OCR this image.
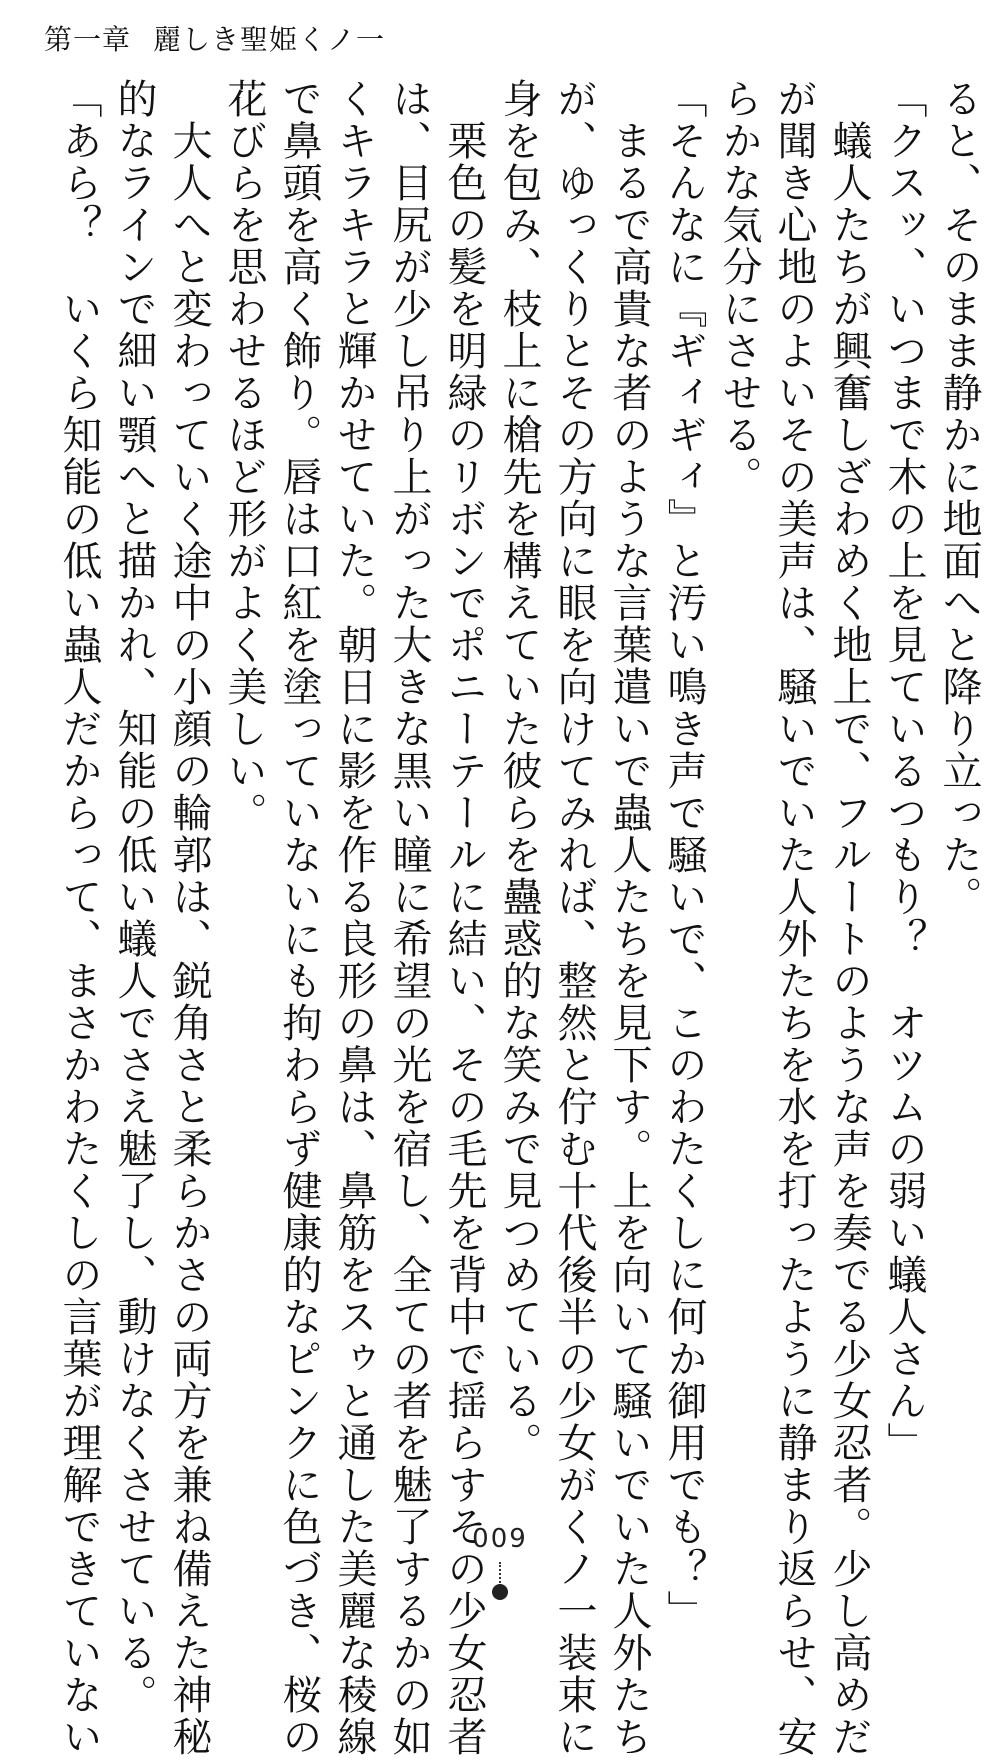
第一章 麗しき聖姫くノ一

ると、そのまま静かに地面へと降り立った。

「クスッ、いつまで木の上を見ているつもり？　オツムの弱い蟻人さん」

　蟻人たちが興奮しざわめく地上で、フルートのような声を奏でる少女忍者。少し高めだ

が聞き心地のよいその美声は、騒いでいた人外たちを水を打ったように静まり返らせ、安

らかな気分にさせる。

「そんなに『ギィギィ』と汚い鳴き声で騒いで、このわたくしに何か御用でも？」

　まるで高貴な者のような言葉遣いで蟲人たちを見下す。上を向いて騒いでいた人外たち

が、ゆっくりとその方向に眼を向けてみれば、整然と佇む十代後半の少女がくノ一装束に

身を包み、枝上に槍先を構えていた彼らを蠱惑的な笑みで見つめている。

　栗色の髪を明緑のリボンでポニーテールに結い、その毛先を背中で揺らすその少女忍者

は、目尻が少し吊り上がった大きな黒い瞳に希望の光を宿し、全ての者を魅了するかの如

くキラキラと輝かせていた。朝日に影を作る良形の鼻は、鼻筋をスゥと通した美麗な稜線

で鼻頭を高く飾り。唇は口紅を塗っていないにも拘わらず健康的なピンクに色づき、桜の

花びらを思わせるほど形がよく美しい。

　大人へと変わっていく途中の小顔の輪郭は、鋭角さと柔らかさの両方を兼ね備えた神秘

的なラインで細い顎へと描かれ、知能の低い蟻人でさえ魅了し、動けなくさせている。

「あら？　いくら知能の低い蟲人だからって、まさかわたくしの言葉が理解できていない	009
